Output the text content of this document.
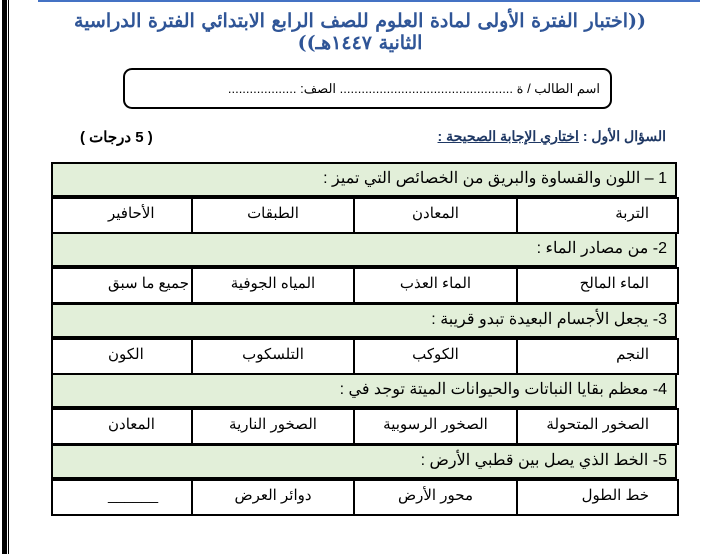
((اختبار الفترة الأولى لمادة العلوم للصف الرابع الابتدائي الفترة الدراسية الثانية ١٤٤٧هـ))
اسم الطالب / ة ................................................ الصف: ...................
السؤال الأول : اختاري الإجابة الصحيحة :
( 5 درجات )
1 – اللون والقساوة والبريق من الخصائص التي تميز :
التربة
المعادن
الطبقات
الأحافير
2- من مصادر الماء :
الماء المالح
الماء العذب
المياه الجوفية
جميع ما سبق
3- يجعل الأجسام البعيدة تبدو قريبة :
النجم
الكوكب
التلسكوب
الكون
4- معظم بقايا النباتات والحيوانات الميتة توجد في :
الصخور المتحولة
الصخور الرسوبية
الصخور النارية
المعادن
5- الخط الذي يصل بين قطبي الأرض :
خط الطول
محور الأرض
دوائر العرض
______
